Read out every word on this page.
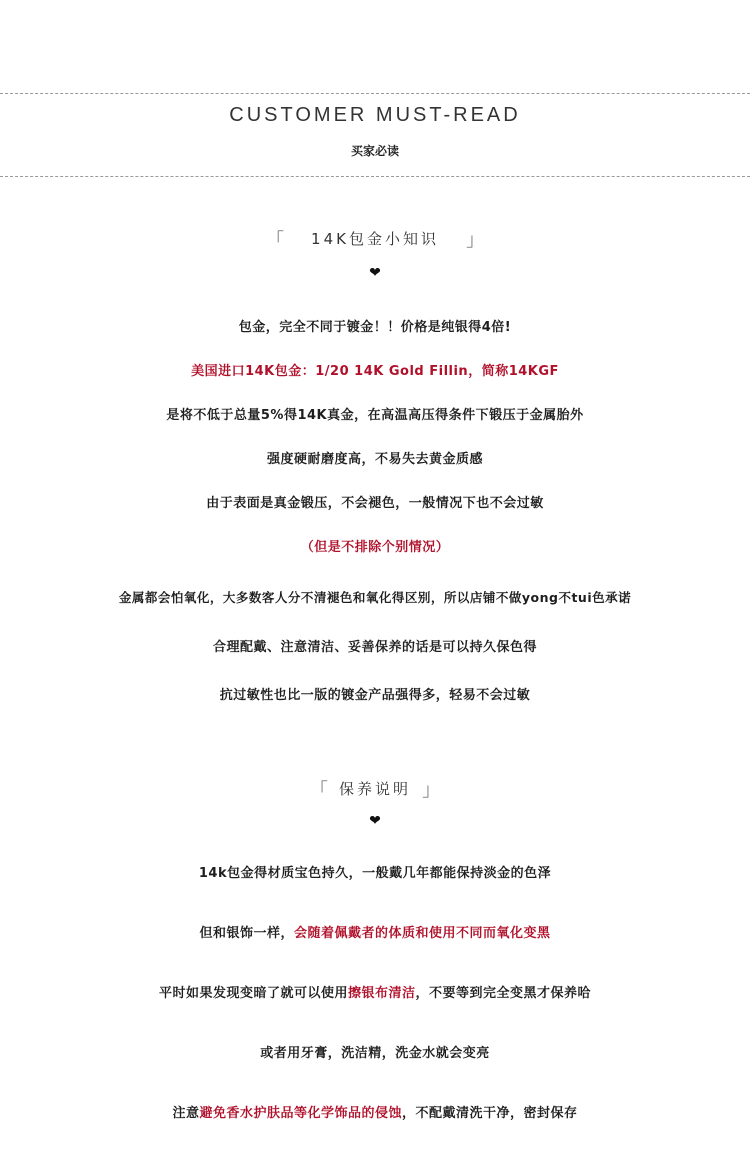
CUSTOMER MUST-READ
买家必读
「 14K包金小知识 」
❤
包金，完全不同于镀金！！价格是纯银得4倍!
美国进口14K包金：1/20 14K Gold Fillin，简称14KGF
是将不低于总量5%得14K真金，在高温高压得条件下锻压于金属胎外
强度硬耐磨度高，不易失去黄金质感
由于表面是真金锻压，不会褪色，一般情况下也不会过敏
（但是不排除个别情况）
金属都会怕氧化，大多数客人分不清褪色和氧化得区别，所以店铺不做yong不tui色承诺
合理配戴、注意清洁、妥善保养的话是可以持久保色得
抗过敏性也比一版的镀金产品强得多，轻易不会过敏
「 保养说明 」
❤
14k包金得材质宝色持久，一般戴几年都能保持淡金的色泽
但和银饰一样，会随着佩戴者的体质和使用不同而氧化变黑
平时如果发现变暗了就可以使用擦银布清洁，不要等到完全变黑才保养哈
或者用牙膏，洗洁精，洗金水就会变亮
注意避免香水护肤品等化学饰品的侵蚀，不配戴清洗干净，密封保存
